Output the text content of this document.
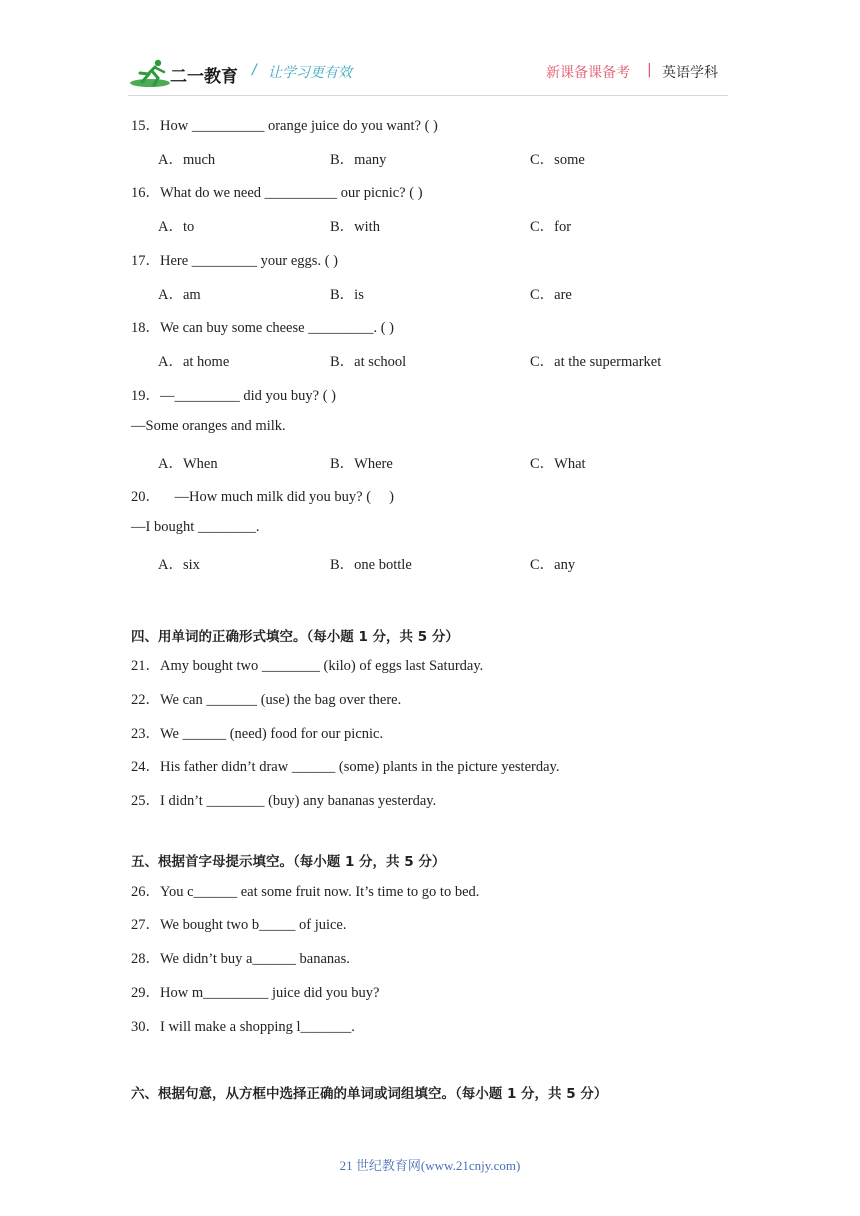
二一教育 / 让学习更有效	新课备课备考 | 英语学科
15．How __________ orange juice do you want? ( )
A．much	B．many	C．some
16．What do we need __________ our picnic? ( )
A．to	B．with	C．for
17．Here _________ your eggs. ( )
A．am	B．is	C．are
18．We can buy some cheese _________. ( )
A．at home	B．at school	C．at the supermarket
19．—_________ did you buy? ( )
—Some oranges and milk.
A．When	B．Where	C．What
20．    —How much milk did you buy? (     )
—I bought ________.
A．six	B．one bottle	C．any
四、用单词的正确形式填空。（每小题 1 分，共 5 分）
21．Amy bought two ________ (kilo) of eggs last Saturday.
22．We can _______ (use) the bag over there.
23．We ______ (need) food for our picnic.
24．His father didn’t draw ______ (some) plants in the picture yesterday.
25．I didn’t ________ (buy) any bananas yesterday.
五、根据首字母提示填空。（每小题 1 分，共 5 分）
26．You c______ eat some fruit now. It’s time to go to bed.
27．We bought two b_____ of juice.
28．We didn’t buy a______ bananas.
29．How m_________ juice did you buy?
30．I will make a shopping l_______.
六、根据句意，从方框中选择正确的单词或词组填空。（每小题 1 分，共 5 分）
21 世纪教育网(www.21cnjy.com)
